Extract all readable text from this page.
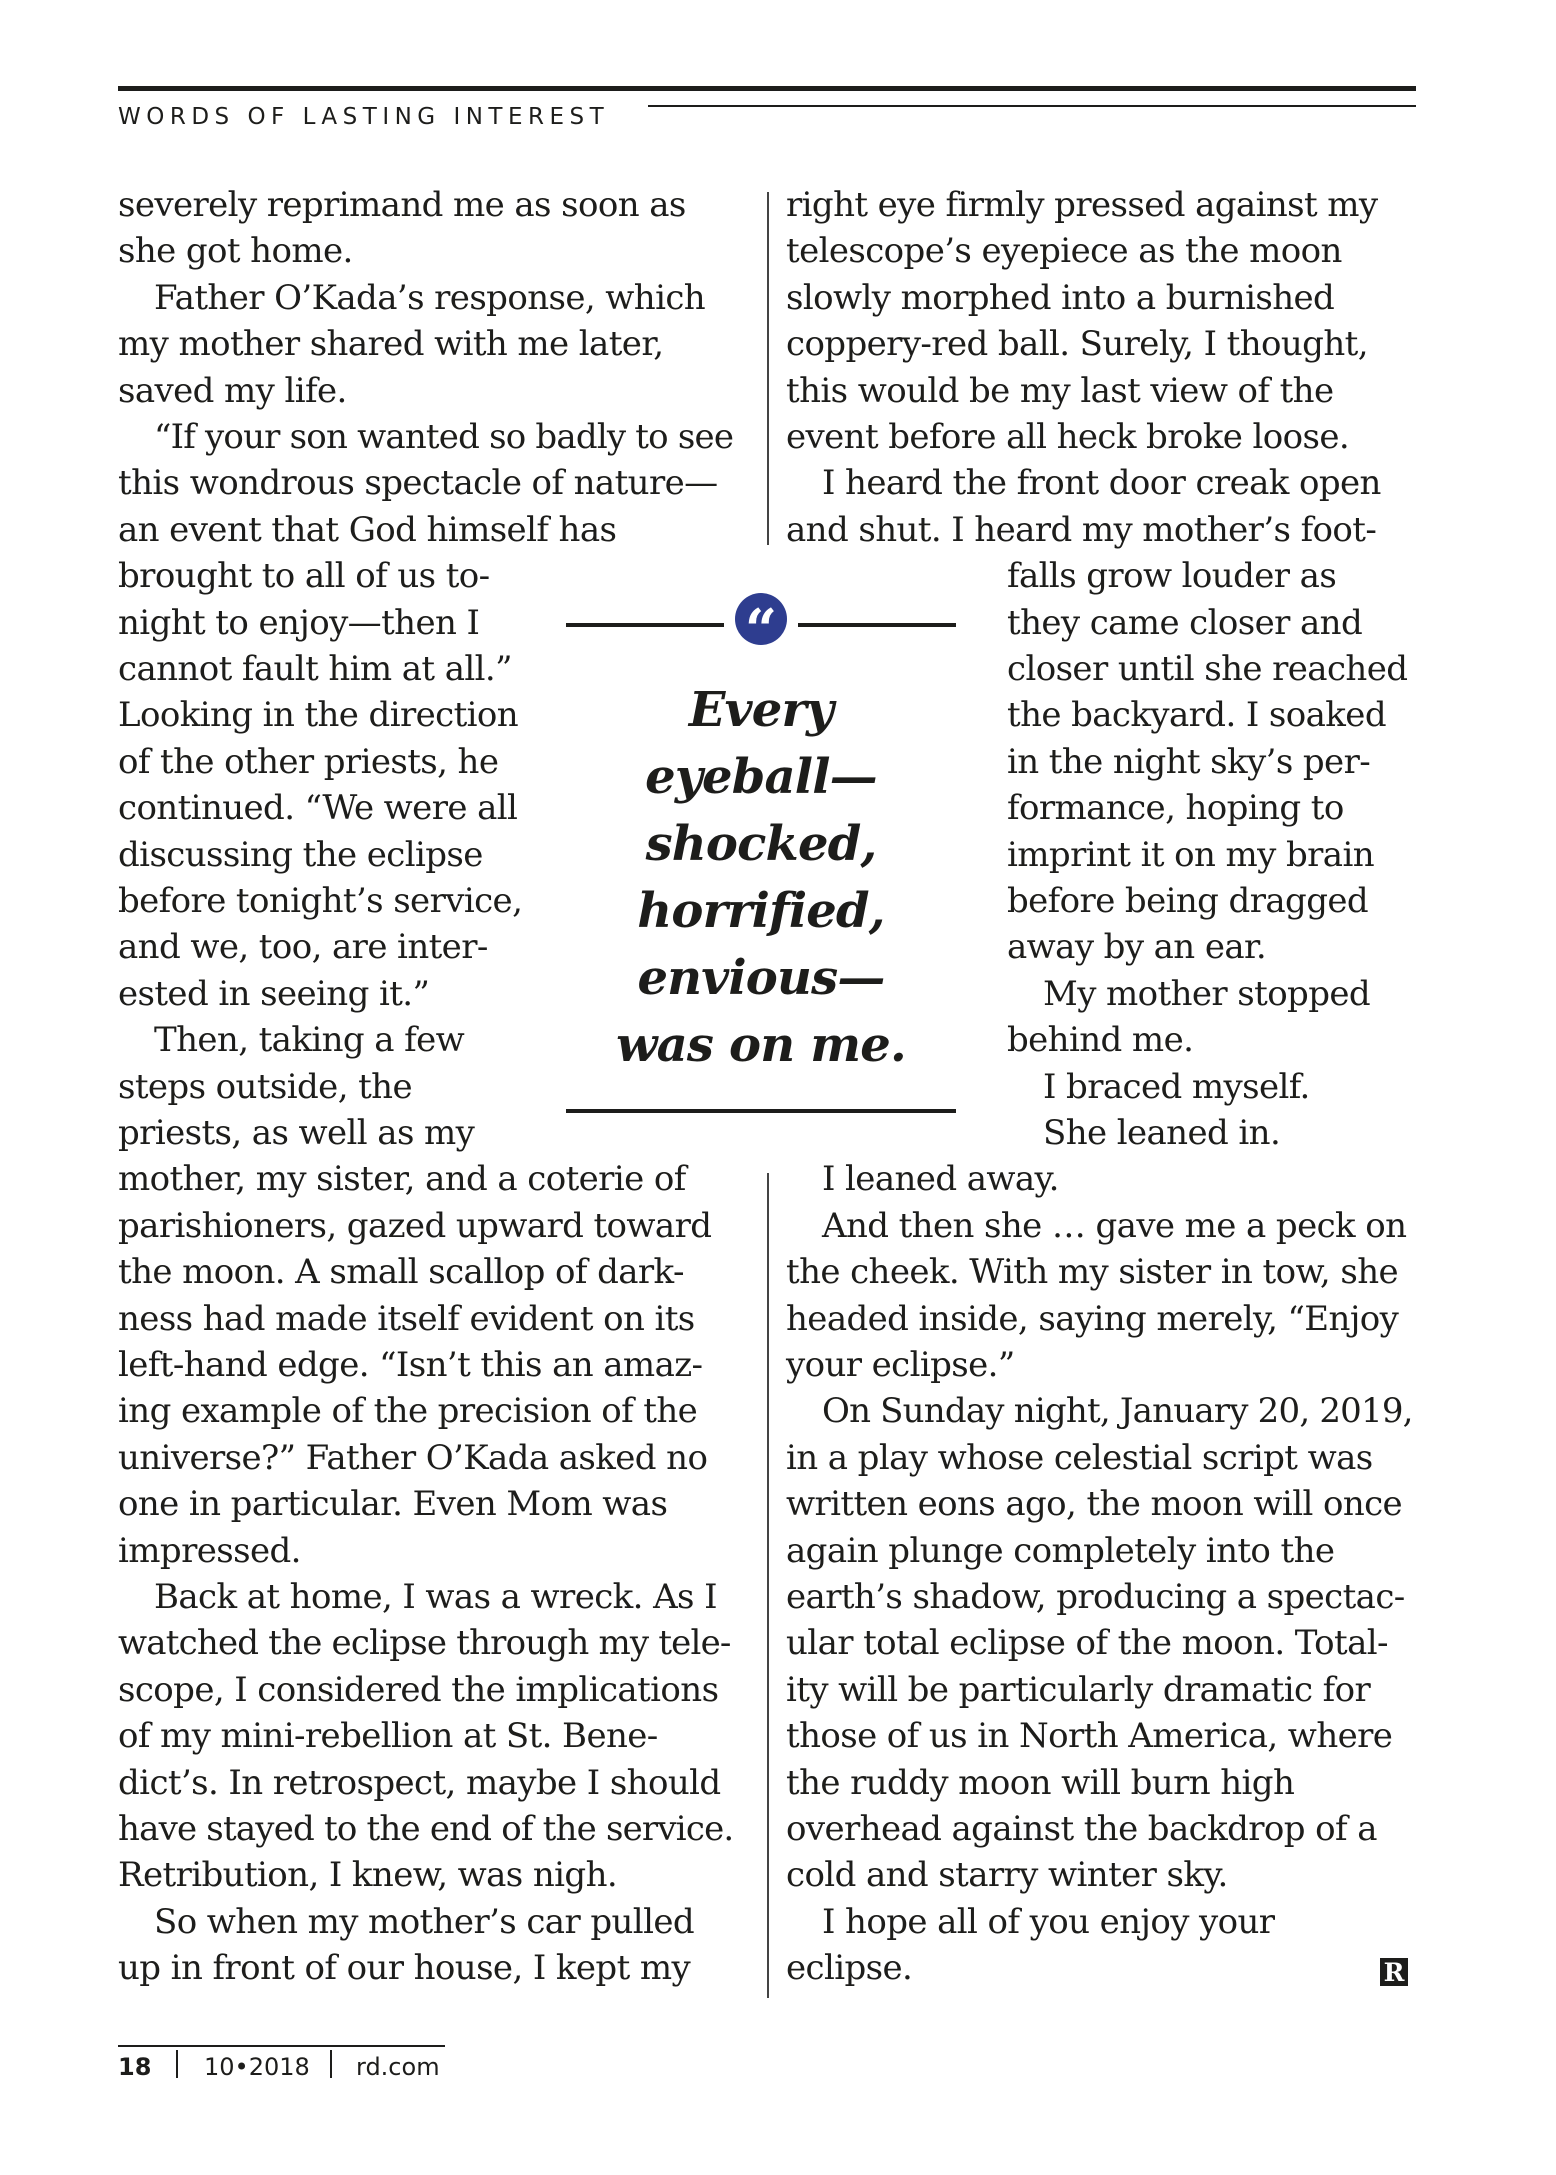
WORDS OF LASTING INTEREST
severely reprimand me as soon as
she got home.
Father O’Kada’s response, which
my mother shared with me later,
saved my life.
“If your son wanted so badly to see
this wondrous spectacle of nature—
an event that God himself has
brought to all of us to-
night to enjoy—then I
cannot fault him at all.”
Looking in the direction
of the other priests, he
continued. “We were all
discussing the eclipse
before tonight’s service,
and we, too, are inter-
ested in seeing it.”
Then, taking a few
steps outside, the
priests, as well as my
mother, my sister, and a coterie of
parishioners, gazed upward toward
the moon. A small scallop of dark-
ness had made itself evident on its
left-hand edge. “Isn’t this an amaz-
ing example of the precision of the
universe?” Father O’Kada asked no
one in particular. Even Mom was
impressed.
Back at home, I was a wreck. As I
watched the eclipse through my tele-
scope, I considered the implications
of my mini-rebellion at St. Bene-
dict’s. In retrospect, maybe I should
have stayed to the end of the service.
Retribution, I knew, was nigh.
So when my mother’s car pulled
up in front of our house, I kept my
right eye firmly pressed against my
telescope’s eyepiece as the moon
slowly morphed into a burnished
coppery-red ball. Surely, I thought,
this would be my last view of the
event before all heck broke loose.
I heard the front door creak open
and shut. I heard my mother’s foot-
falls grow louder as
they came closer and
closer until she reached
the backyard. I soaked
in the night sky’s per-
formance, hoping to
imprint it on my brain
before being dragged
away by an ear.
My mother stopped
behind me.
I braced myself.
She leaned in.
I leaned away.
And then she … gave me a peck on
the cheek. With my sister in tow, she
headed inside, saying merely, “Enjoy
your eclipse.”
On Sunday night, January 20, 2019,
in a play whose celestial script was
written eons ago, the moon will once
again plunge completely into the
earth’s shadow, producing a spectac-
ular total eclipse of the moon. Total-
ity will be particularly dramatic for
those of us in North America, where
the ruddy moon will burn high
overhead against the backdrop of a
cold and starry winter sky.
I hope all of you enjoy your
eclipse.
“
Every
eyeball—
shocked,
horrified,
envious—
was on me.
R
18 10•2018 rd.com
